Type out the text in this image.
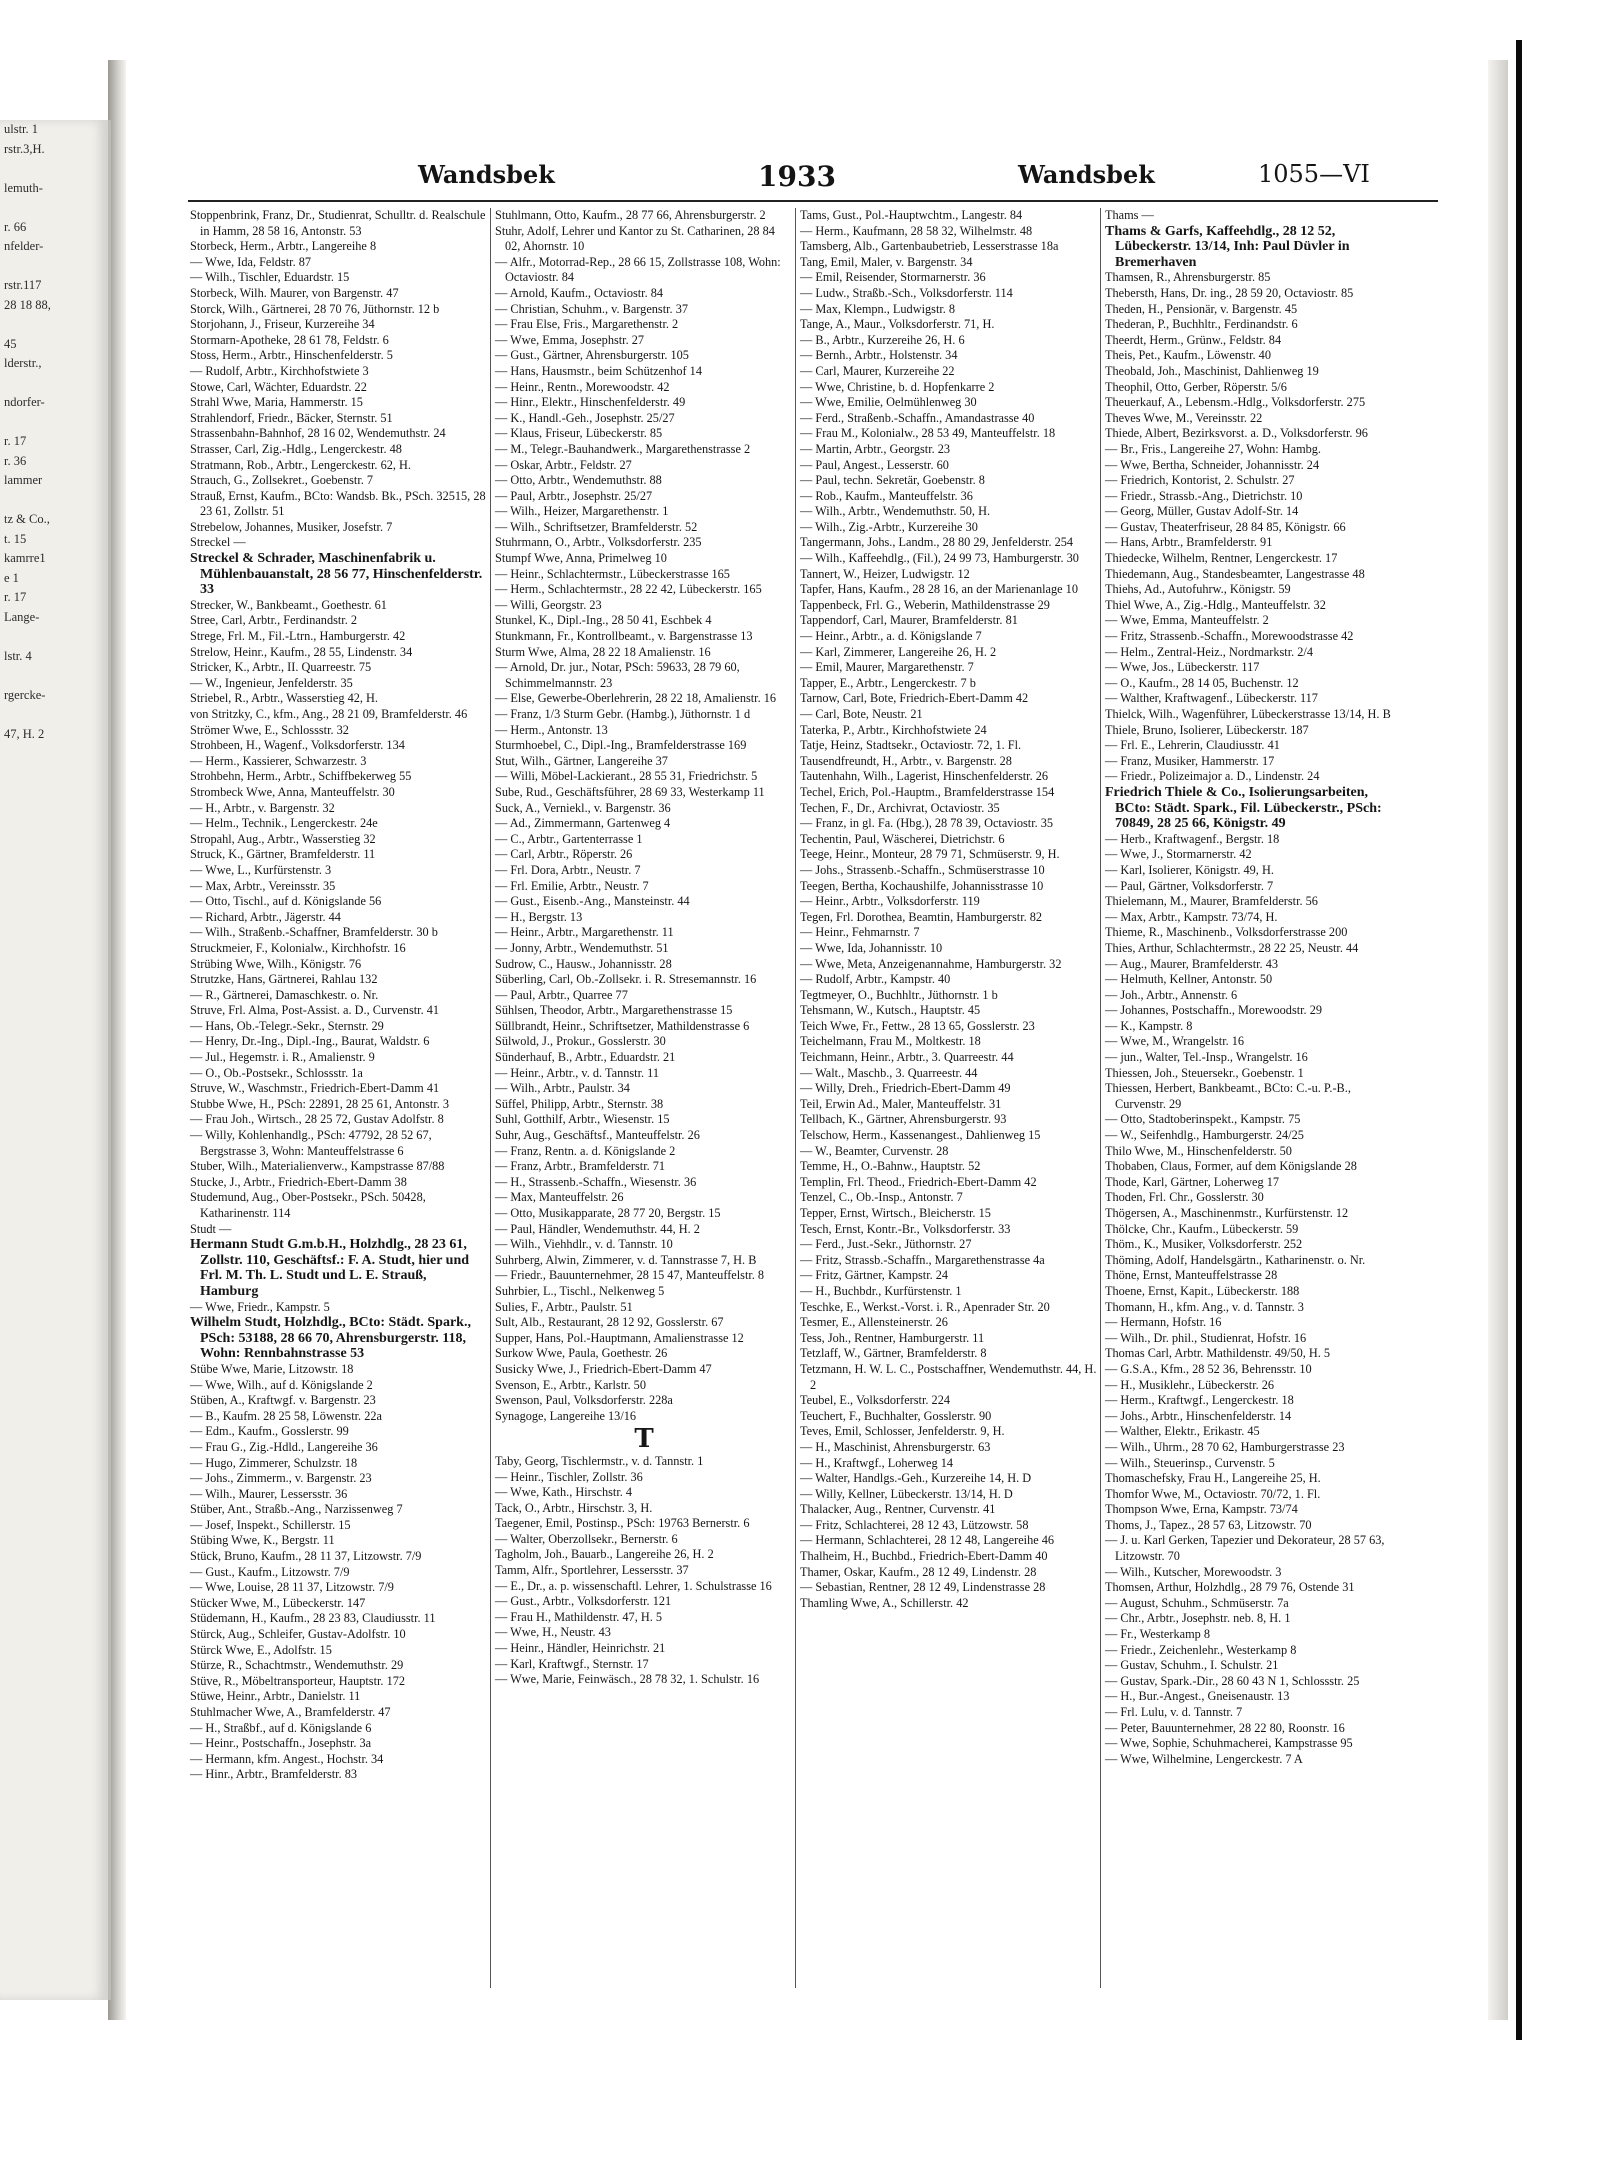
ulstr. 1
rstr.3,H.

lemuth-

r. 66
nfelder-

rstr.117
28 18 88,

45
lderstr.,

ndorfer-

r. 17
r. 36
lammer

tz & Co.,
t. 15
kamrre1
e 1
r. 17
Lange-

lstr. 4

rgercke-

47, H. 2
Wandsbek	1933	Wandsbek	1055—VI

Stoppenbrink, Franz, Dr., Studienrat, Schulltr. d. Realschule in Hamm, 28 58 16, Antonstr. 53

Storbeck, Herm., Arbtr., Langereihe 8

— Wwe, Ida, Feldstr. 87

— Wilh., Tischler, Eduardstr. 15

Storbeck, Wilh. Maurer, von Bargenstr. 47

Storck, Wilh., Gärtnerei, 28 70 76, Jüthornstr. 12 b

Storjohann, J., Friseur, Kurzereihe 34

Stormarn-Apotheke, 28 61 78, Feldstr. 6

Stoss, Herm., Arbtr., Hinschenfelderstr. 5

— Rudolf, Arbtr., Kirchhofstwiete 3

Stowe, Carl, Wächter, Eduardstr. 22

Strahl Wwe, Maria, Hammerstr. 15

Strahlendorf, Friedr., Bäcker, Sternstr. 51

Strassenbahn-Bahnhof, 28 16 02, Wendemuthstr. 24

Strasser, Carl, Zig.-Hdlg., Lengerckestr. 48

Stratmann, Rob., Arbtr., Lengerckestr. 62, H.

Strauch, G., Zollsekret., Goebenstr. 7

Strauß, Ernst, Kaufm., BCto: Wandsb. Bk., PSch. 32515, 28 23 61, Zollstr. 51

Strebelow, Johannes, Musiker, Josefstr. 7

Streckel —

Streckel & Schrader, Maschinenfabrik u. Mühlenbauanstalt, 28 56 77, Hinschenfelderstr. 33

Strecker, W., Bankbeamt., Goethestr. 61

Stree, Carl, Arbtr., Ferdinandstr. 2

Strege, Frl. M., Fil.-Ltrn., Hamburgerstr. 42

Strelow, Heinr., Kaufm., 28 55, Lindenstr. 34

Stricker, K., Arbtr., II. Quarreestr. 75

— W., Ingenieur, Jenfelderstr. 35

Striebel, R., Arbtr., Wasserstieg 42, H.

von Stritzky, C., kfm., Ang., 28 21 09, Bramfelderstr. 46

Strömer Wwe, E., Schlossstr. 32

Strohbeen, H., Wagenf., Volksdorferstr. 134

— Herm., Kassierer, Schwarzestr. 3

Strohbehn, Herm., Arbtr., Schiffbekerweg 55

Strombeck Wwe, Anna, Manteuffelstr. 30

— H., Arbtr., v. Bargenstr. 32

— Helm., Technik., Lengerckestr. 24e

Stropahl, Aug., Arbtr., Wasserstieg 32

Struck, K., Gärtner, Bramfelderstr. 11

— Wwe, L., Kurfürstenstr. 3

— Max, Arbtr., Vereinsstr. 35

— Otto, Tischl., auf d. Königslande 56

— Richard, Arbtr., Jägerstr. 44

— Wilh., Straßenb.-Schaffner, Bramfelderstr. 30 b

Struckmeier, F., Kolonialw., Kirchhofstr. 16

Strübing Wwe, Wilh., Königstr. 76

Strutzke, Hans, Gärtnerei, Rahlau 132

— R., Gärtnerei, Damaschkestr. o. Nr.

Struve, Frl. Alma, Post-Assist. a. D., Curvenstr. 41

— Hans, Ob.-Telegr.-Sekr., Sternstr. 29

— Henry, Dr.-Ing., Dipl.-Ing., Baurat, Waldstr. 6

— Jul., Hegemstr. i. R., Amalienstr. 9

— O., Ob.-Postsekr., Schlossstr. 1a

Struve, W., Waschmstr., Friedrich-Ebert-Damm 41

Stubbe Wwe, H., PSch: 22891, 28 25 61, Antonstr. 3

— Frau Joh., Wirtsch., 28 25 72, Gustav Adolfstr. 8

— Willy, Kohlenhandlg., PSch: 47792, 28 52 67, Bergstrasse 3, Wohn: Manteuffelstrasse 6

Stuber, Wilh., Materialienverw., Kampstrasse 87/88

Stucke, J., Arbtr., Friedrich-Ebert-Damm 38

Studemund, Aug., Ober-Postsekr., PSch. 50428, Katharinenstr. 114

Studt —

Hermann Studt G.m.b.H., Holzhdlg., 28 23 61, Zollstr. 110, Geschäftsf.: F. A. Studt, hier und Frl. M. Th. L. Studt und L. E. Strauß, Hamburg

— Wwe, Friedr., Kampstr. 5

Wilhelm Studt, Holzhdlg., BCto: Städt. Spark., PSch: 53188, 28 66 70, Ahrensburgerstr. 118, Wohn: Rennbahnstrasse 53

Stübe Wwe, Marie, Litzowstr. 18

— Wwe, Wilh., auf d. Königslande 2

Stüben, A., Kraftwgf. v. Bargenstr. 23

— B., Kaufm. 28 25 58, Löwenstr. 22a

— Edm., Kaufm., Gosslerstr. 99

— Frau G., Zig.-Hdld., Langereihe 36

— Hugo, Zimmerer, Schulzstr. 18

— Johs., Zimmerm., v. Bargenstr. 23

— Wilh., Maurer, Lessersstr. 36

Stüber, Ant., Straßb.-Ang., Narzissenweg 7

— Josef, Inspekt., Schillerstr. 15

Stübing Wwe, K., Bergstr. 11

Stück, Bruno, Kaufm., 28 11 37, Litzowstr. 7/9

— Gust., Kaufm., Litzowstr. 7/9

— Wwe, Louise, 28 11 37, Litzowstr. 7/9

Stücker Wwe, M., Lübeckerstr. 147

Stüdemann, H., Kaufm., 28 23 83, Claudiusstr. 11

Stürck, Aug., Schleifer, Gustav-Adolfstr. 10

Stürck Wwe, E., Adolfstr. 15

Stürze, R., Schachtmstr., Wendemuthstr. 29

Stüve, R., Möbeltransporteur, Hauptstr. 172

Stüwe, Heinr., Arbtr., Danielstr. 11

Stuhlmacher Wwe, A., Bramfelderstr. 47

— H., Straßbf., auf d. Königslande 6

— Heinr., Postschaffn., Josephstr. 3a

— Hermann, kfm. Angest., Hochstr. 34

— Hinr., Arbtr., Bramfelderstr. 83

Stuhlmann, Otto, Kaufm., 28 77 66, Ahrensburgerstr. 2

Stuhr, Adolf, Lehrer und Kantor zu St. Catharinen, 28 84 02, Ahornstr. 10

— Alfr., Motorrad-Rep., 28 66 15, Zollstrasse 108, Wohn: Octaviostr. 84

— Arnold, Kaufm., Octaviostr. 84

— Christian, Schuhm., v. Bargenstr. 37

— Frau Else, Fris., Margarethenstr. 2

— Wwe, Emma, Josephstr. 27

— Gust., Gärtner, Ahrensburgerstr. 105

— Hans, Hausmstr., beim Schützenhof 14

— Heinr., Rentn., Morewoodstr. 42

— Hinr., Elektr., Hinschenfelderstr. 49

— K., Handl.-Geh., Josephstr. 25/27

— Klaus, Friseur, Lübeckerstr. 85

— M., Telegr.-Bauhandwerk., Margarethenstrasse 2

— Oskar, Arbtr., Feldstr. 27

— Otto, Arbtr., Wendemuthstr. 88

— Paul, Arbtr., Josephstr. 25/27

— Wilh., Heizer, Margarethenstr. 1

— Wilh., Schriftsetzer, Bramfelderstr. 52

Stuhrmann, O., Arbtr., Volksdorferstr. 235

Stumpf Wwe, Anna, Primelweg 10

— Heinr., Schlachtermstr., Lübeckerstrasse 165

— Herm., Schlachtermstr., 28 22 42, Lübeckerstr. 165

— Willi, Georgstr. 23

Stunkel, K., Dipl.-Ing., 28 50 41, Eschbek 4

Stunkmann, Fr., Kontrollbeamt., v. Bargenstrasse 13

Sturm Wwe, Alma, 28 22 18 Amalienstr. 16

— Arnold, Dr. jur., Notar, PSch: 59633, 28 79 60, Schimmelmannstr. 23

— Else, Gewerbe-Oberlehrerin, 28 22 18, Amalienstr. 16

— Franz, 1/3 Sturm Gebr. (Hambg.), Jüthornstr. 1 d

— Herm., Antonstr. 13

Sturmhoebel, C., Dipl.-Ing., Bramfelderstrasse 169

Stut, Wilh., Gärtner, Langereihe 37

— Willi, Möbel-Lackierant., 28 55 31, Friedrichstr. 5

Sube, Rud., Geschäftsführer, 28 69 33, Westerkamp 11

Suck, A., Verniekl., v. Bargenstr. 36

— Ad., Zimmermann, Gartenweg 4

— C., Arbtr., Gartenterrasse 1

— Carl, Arbtr., Röperstr. 26

— Frl. Dora, Arbtr., Neustr. 7

— Frl. Emilie, Arbtr., Neustr. 7

— Gust., Eisenb.-Ang., Mansteinstr. 44

— H., Bergstr. 13

— Heinr., Arbtr., Margarethenstr. 11

— Jonny, Arbtr., Wendemuthstr. 51

Sudrow, C., Hausw., Johannisstr. 28

Süberling, Carl, Ob.-Zollsekr. i. R. Stresemannstr. 16

— Paul, Arbtr., Quarree 77

Sühlsen, Theodor, Arbtr., Margarethenstrasse 15

Süllbrandt, Heinr., Schriftsetzer, Mathildenstrasse 6

Sülwold, J., Prokur., Gosslerstr. 30

Sünderhauf, B., Arbtr., Eduardstr. 21

— Heinr., Arbtr., v. d. Tannstr. 11

— Wilh., Arbtr., Paulstr. 34

Süffel, Philipp, Arbtr., Sternstr. 38

Suhl, Gotthilf, Arbtr., Wiesenstr. 15

Suhr, Aug., Geschäftsf., Manteuffelstr. 26

— Franz, Rentn. a. d. Königslande 2

— Franz, Arbtr., Bramfelderstr. 71

— H., Strassenb.-Schaffn., Wiesenstr. 36

— Max, Manteuffelstr. 26

— Otto, Musikapparate, 28 77 20, Bergstr. 15

— Paul, Händler, Wendemuthstr. 44, H. 2

— Wilh., Viehhdlr., v. d. Tannstr. 10

Suhrberg, Alwin, Zimmerer, v. d. Tannstrasse 7, H. B

— Friedr., Bauunternehmer, 28 15 47, Manteuffelstr. 8

Suhrbier, L., Tischl., Nelkenweg 5

Sulies, F., Arbtr., Paulstr. 51

Sult, Alb., Restaurant, 28 12 92, Gosslerstr. 67

Supper, Hans, Pol.-Hauptmann, Amalienstrasse 12

Surkow Wwe, Paula, Goethestr. 26

Susicky Wwe, J., Friedrich-Ebert-Damm 47

Svenson, E., Arbtr., Karlstr. 50

Swenson, Paul, Volksdorferstr. 228a

Synagoge, Langereihe 13/16

T

Taby, Georg, Tischlermstr., v. d. Tannstr. 1

— Heinr., Tischler, Zollstr. 36

— Wwe, Kath., Hirschstr. 4

Tack, O., Arbtr., Hirschstr. 3, H.

Taegener, Emil, Postinsp., PSch: 19763 Bernerstr. 6

— Walter, Oberzollsekr., Bernerstr. 6

Tagholm, Joh., Bauarb., Langereihe 26, H. 2

Tamm, Alfr., Sportlehrer, Lessersstr. 37

— E., Dr., a. p. wissenschaftl. Lehrer, 1. Schulstrasse 16

— Gust., Arbtr., Volksdorferstr. 121

— Frau H., Mathildenstr. 47, H. 5

— Wwe, H., Neustr. 43

— Heinr., Händler, Heinrichstr. 21

— Karl, Kraftwgf., Sternstr. 17

— Wwe, Marie, Feinwäsch., 28 78 32, 1. Schulstr. 16

Tams, Gust., Pol.-Hauptwchtm., Langestr. 84

— Herm., Kaufmann, 28 58 32, Wilhelmstr. 48

Tamsberg, Alb., Gartenbaubetrieb, Lesserstrasse 18a

Tang, Emil, Maler, v. Bargenstr. 34

— Emil, Reisender, Stormarnerstr. 36

— Ludw., Straßb.-Sch., Volksdorferstr. 114

— Max, Klempn., Ludwigstr. 8

Tange, A., Maur., Volksdorferstr. 71, H.

— B., Arbtr., Kurzereihe 26, H. 6

— Bernh., Arbtr., Holstenstr. 34

— Carl, Maurer, Kurzereihe 22

— Wwe, Christine, b. d. Hopfenkarre 2

— Wwe, Emilie, Oelmühlenweg 30

— Ferd., Straßenb.-Schaffn., Amandastrasse 40

— Frau M., Kolonialw., 28 53 49, Manteuffelstr. 18

— Martin, Arbtr., Georgstr. 23

— Paul, Angest., Lesserstr. 60

— Paul, techn. Sekretär, Goebenstr. 8

— Rob., Kaufm., Manteuffelstr. 36

— Wilh., Arbtr., Wendemuthstr. 50, H.

— Wilh., Zig.-Arbtr., Kurzereihe 30

Tangermann, Johs., Landm., 28 80 29, Jenfelderstr. 254

— Wilh., Kaffeehdlg., (Fil.), 24 99 73, Hamburgerstr. 30

Tannert, W., Heizer, Ludwigstr. 12

Tapfer, Hans, Kaufm., 28 28 16, an der Marienanlage 10

Tappenbeck, Frl. G., Weberin, Mathildenstrasse 29

Tappendorf, Carl, Maurer, Bramfelderstr. 81

— Heinr., Arbtr., a. d. Königslande 7

— Karl, Zimmerer, Langereihe 26, H. 2

— Emil, Maurer, Margarethenstr. 7

Tapper, E., Arbtr., Lengerckestr. 7 b

Tarnow, Carl, Bote, Friedrich-Ebert-Damm 42

— Carl, Bote, Neustr. 21

Taterka, P., Arbtr., Kirchhofstwiete 24

Tatje, Heinz, Stadtsekr., Octaviostr. 72, 1. Fl.

Tausendfreundt, H., Arbtr., v. Bargenstr. 28

Tautenhahn, Wilh., Lagerist, Hinschenfelderstr. 26

Techel, Erich, Pol.-Hauptm., Bramfelderstrasse 154

Techen, F., Dr., Archivrat, Octaviostr. 35

— Franz, in gl. Fa. (Hbg.), 28 78 39, Octaviostr. 35

Techentin, Paul, Wäscherei, Dietrichstr. 6

Teege, Heinr., Monteur, 28 79 71, Schmüserstr. 9, H.

— Johs., Strassenb.-Schaffn., Schmüserstrasse 10

Teegen, Bertha, Kochaushilfe, Johannisstrasse 10

— Heinr., Arbtr., Volksdorferstr. 119

Tegen, Frl. Dorothea, Beamtin, Hamburgerstr. 82

— Heinr., Fehmarnstr. 7

— Wwe, Ida, Johannisstr. 10

— Wwe, Meta, Anzeigenannahme, Hamburgerstr. 32

— Rudolf, Arbtr., Kampstr. 40

Tegtmeyer, O., Buchhltr., Jüthornstr. 1 b

Tehsmann, W., Kutsch., Hauptstr. 45

Teich Wwe, Fr., Fettw., 28 13 65, Gosslerstr. 23

Teichelmann, Frau M., Moltkestr. 18

Teichmann, Heinr., Arbtr., 3. Quarreestr. 44

— Walt., Maschb., 3. Quarreestr. 44

— Willy, Dreh., Friedrich-Ebert-Damm 49

Teil, Erwin Ad., Maler, Manteuffelstr. 31

Tellbach, K., Gärtner, Ahrensburgerstr. 93

Telschow, Herm., Kassenangest., Dahlienweg 15

— W., Beamter, Curvenstr. 28

Temme, H., O.-Bahnw., Hauptstr. 52

Templin, Frl. Theod., Friedrich-Ebert-Damm 42

Tenzel, C., Ob.-Insp., Antonstr. 7

Tepper, Ernst, Wirtsch., Bleicherstr. 15

Tesch, Ernst, Kontr.-Br., Volksdorferstr. 33

— Ferd., Just.-Sekr., Jüthornstr. 27

— Fritz, Strassb.-Schaffn., Margarethenstrasse 4a

— Fritz, Gärtner, Kampstr. 24

— H., Buchbdr., Kurfürstenstr. 1

Teschke, E., Werkst.-Vorst. i. R., Apenrader Str. 20

Tesmer, E., Allensteinerstr. 26

Tess, Joh., Rentner, Hamburgerstr. 11

Tetzlaff, W., Gärtner, Bramfelderstr. 8

Tetzmann, H. W. L. C., Postschaffner, Wendemuthstr. 44, H. 2

Teubel, E., Volksdorferstr. 224

Teuchert, F., Buchhalter, Gosslerstr. 90

Teves, Emil, Schlosser, Jenfelderstr. 9, H.

— H., Maschinist, Ahrensburgerstr. 63

— H., Kraftwgf., Loherweg 14

— Walter, Handlgs.-Geh., Kurzereihe 14, H. D

— Willy, Kellner, Lübeckerstr. 13/14, H. D

Thalacker, Aug., Rentner, Curvenstr. 41

— Fritz, Schlachterei, 28 12 43, Lützowstr. 58

— Hermann, Schlachterei, 28 12 48, Langereihe 46

Thalheim, H., Buchbd., Friedrich-Ebert-Damm 40

Thamer, Oskar, Kaufm., 28 12 49, Lindenstr. 28

— Sebastian, Rentner, 28 12 49, Lindenstrasse 28

Thamling Wwe, A., Schillerstr. 42

Thams —

Thams & Garfs, Kaffeehdlg., 28 12 52, Lübeckerstr. 13/14, Inh: Paul Düvler in Bremerhaven

Thamsen, R., Ahrensburgerstr. 85

Thebersth, Hans, Dr. ing., 28 59 20, Octaviostr. 85

Theden, H., Pensionär, v. Bargenstr. 45

Thederan, P., Buchhltr., Ferdinandstr. 6

Theerdt, Herm., Grünw., Feldstr. 84

Theis, Pet., Kaufm., Löwenstr. 40

Theobald, Joh., Maschinist, Dahlienweg 19

Theophil, Otto, Gerber, Röperstr. 5/6

Theuerkauf, A., Lebensm.-Hdlg., Volksdorferstr. 275

Theves Wwe, M., Vereinsstr. 22

Thiede, Albert, Bezirksvorst. a. D., Volksdorferstr. 96

— Br., Fris., Langereihe 27, Wohn: Hambg.

— Wwe, Bertha, Schneider, Johannisstr. 24

— Friedrich, Kontorist, 2. Schulstr. 27

— Friedr., Strassb.-Ang., Dietrichstr. 10

— Georg, Müller, Gustav Adolf-Str. 14

— Gustav, Theaterfriseur, 28 84 85, Königstr. 66

— Hans, Arbtr., Bramfelderstr. 91

Thiedecke, Wilhelm, Rentner, Lengerckestr. 17

Thiedemann, Aug., Standesbeamter, Langestrasse 48

Thiehs, Ad., Autofuhrw., Königstr. 59

Thiel Wwe, A., Zig.-Hdlg., Manteuffelstr. 32

— Wwe, Emma, Manteuffelstr. 2

— Fritz, Strassenb.-Schaffn., Morewoodstrasse 42

— Helm., Zentral-Heiz., Nordmarkstr. 2/4

— Wwe, Jos., Lübeckerstr. 117

— O., Kaufm., 28 14 05, Buchenstr. 12

— Walther, Kraftwagenf., Lübeckerstr. 117

Thielck, Wilh., Wagenführer, Lübeckerstrasse 13/14, H. B

Thiele, Bruno, Isolierer, Lübeckerstr. 187

— Frl. E., Lehrerin, Claudiusstr. 41

— Franz, Musiker, Hammerstr. 17

— Friedr., Polizeimajor a. D., Lindenstr. 24

Friedrich Thiele & Co., Isolierungsarbeiten, BCto: Städt. Spark., Fil. Lübeckerstr., PSch: 70849, 28 25 66, Königstr. 49

— Herb., Kraftwagenf., Bergstr. 18

— Wwe, J., Stormarnerstr. 42

— Karl, Isolierer, Königstr. 49, H.

— Paul, Gärtner, Volksdorferstr. 7

Thielemann, M., Maurer, Bramfelderstr. 56

— Max, Arbtr., Kampstr. 73/74, H.

Thieme, R., Maschinenb., Volksdorferstrasse 200

Thies, Arthur, Schlachtermstr., 28 22 25, Neustr. 44

— Aug., Maurer, Bramfelderstr. 43

— Helmuth, Kellner, Antonstr. 50

— Joh., Arbtr., Annenstr. 6

— Johannes, Postschaffn., Morewoodstr. 29

— K., Kampstr. 8

— Wwe, M., Wrangelstr. 16

— jun., Walter, Tel.-Insp., Wrangelstr. 16

Thiessen, Joh., Steuersekr., Goebenstr. 1

Thiessen, Herbert, Bankbeamt., BCto: C.-u. P.-B., Curvenstr. 29

— Otto, Stadtoberinspekt., Kampstr. 75

— W., Seifenhdlg., Hamburgerstr. 24/25

Thilo Wwe, M., Hinschenfelderstr. 50

Thobaben, Claus, Former, auf dem Königslande 28

Thode, Karl, Gärtner, Loherweg 17

Thoden, Frl. Chr., Gosslerstr. 30

Thögersen, A., Maschinenmstr., Kurfürstenstr. 12

Thölcke, Chr., Kaufm., Lübeckerstr. 59

Thöm., K., Musiker, Volksdorferstr. 252

Thöming, Adolf, Handelsgärtn., Katharinenstr. o. Nr.

Thöne, Ernst, Manteuffelstrasse 28

Thoene, Ernst, Kapit., Lübeckerstr. 188

Thomann, H., kfm. Ang., v. d. Tannstr. 3

— Hermann, Hofstr. 16

— Wilh., Dr. phil., Studienrat, Hofstr. 16

Thomas Carl, Arbtr. Mathildenstr. 49/50, H. 5

— G.S.A., Kfm., 28 52 36, Behrensstr. 10

— H., Musiklehr., Lübeckerstr. 26

— Herm., Kraftwgf., Lengerckestr. 18

— Johs., Arbtr., Hinschenfelderstr. 14

— Walther, Elektr., Erikastr. 45

— Wilh., Uhrm., 28 70 62, Hamburgerstrasse 23

— Wilh., Steuerinsp., Curvenstr. 5

Thomaschefsky, Frau H., Langereihe 25, H.

Thomfor Wwe, M., Octaviostr. 70/72, 1. Fl.

Thompson Wwe, Erna, Kampstr. 73/74

Thoms, J., Tapez., 28 57 63, Litzowstr. 70

— J. u. Karl Gerken, Tapezier und Dekorateur, 28 57 63, Litzowstr. 70

— Wilh., Kutscher, Morewoodstr. 3

Thomsen, Arthur, Holzhdlg., 28 79 76, Ostende 31

— August, Schuhm., Schmüserstr. 7a

— Chr., Arbtr., Josephstr. neb. 8, H. 1

— Fr., Westerkamp 8

— Friedr., Zeichenlehr., Westerkamp 8

— Gustav, Schuhm., I. Schulstr. 21

— Gustav, Spark.-Dir., 28 60 43 N 1, Schlossstr. 25

— H., Bur.-Angest., Gneisenaustr. 13

— Frl. Lulu, v. d. Tannstr. 7

— Peter, Bauunternehmer, 28 22 80, Roonstr. 16

— Wwe, Sophie, Schuhmacherei, Kampstrasse 95

— Wwe, Wilhelmine, Lengerckestr. 7 A
